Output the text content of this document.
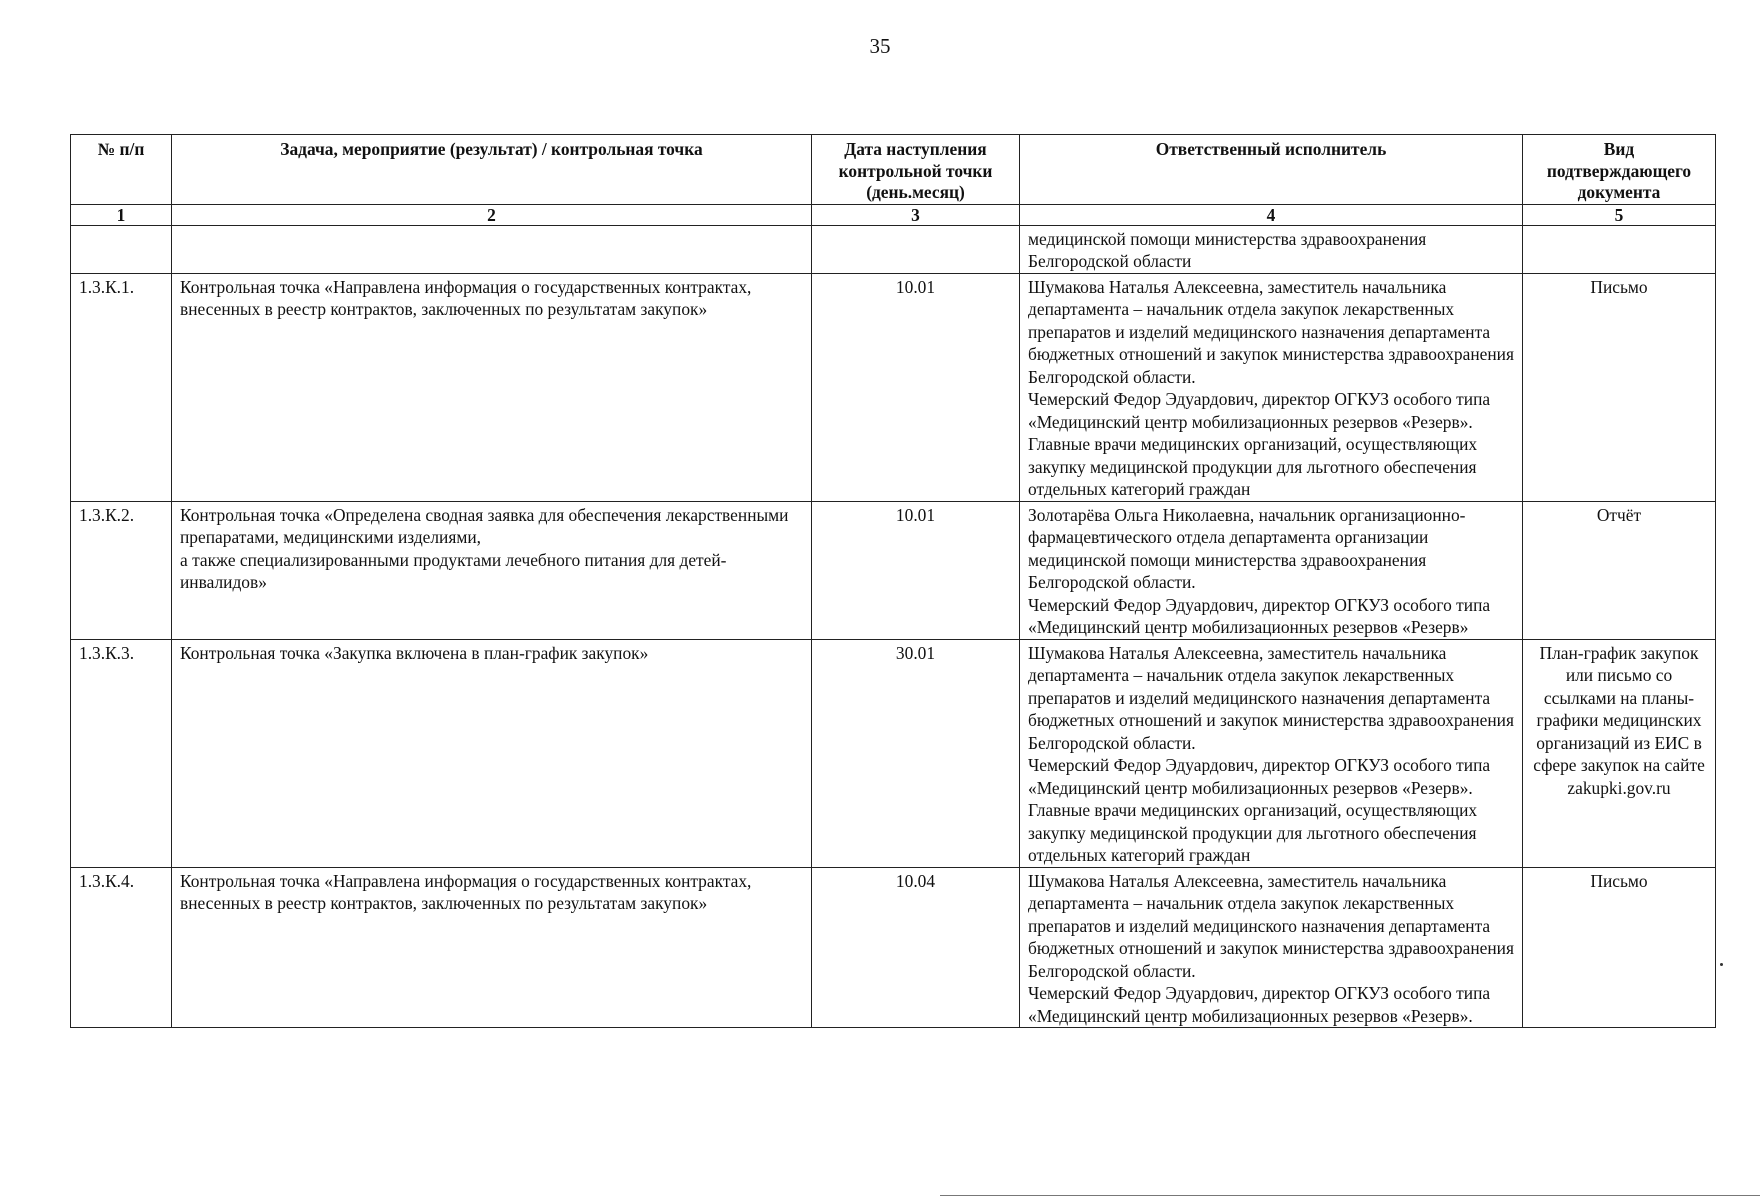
35
№ п/п	Задача, мероприятие (результат) / контрольная точка	Дата наступления контрольной точки (день.месяц)	Ответственный исполнитель	Вид подтверждающего документа
1	2	3	4	5
			медицинской помощи министерства здравоохранения Белгородской области	
1.3.К.1.	Контрольная точка «Направлена информация о государственных контрактах, внесенных в реестр контрактов, заключенных по результатам закупок»	10.01	Шумакова Наталья Алексеевна, заместитель начальника департамента – начальник отдела закупок лекарственных препаратов и изделий медицинского назначения департамента бюджетных отношений и закупок министерства здравоохранения Белгородской области.
Чемерский Федор Эдуардович, директор ОГКУЗ особого типа «Медицинский центр мобилизационных резервов «Резерв».
Главные врачи медицинских организаций, осуществляющих закупку медицинской продукции для льготного обеспечения отдельных категорий граждан	Письмо
1.3.К.2.	Контрольная точка «Определена сводная заявка для обеспечения лекарственными препаратами, медицинскими изделиями,
а также специализированными продуктами лечебного питания для детей-инвалидов»	10.01	Золотарёва Ольга Николаевна, начальник организационно-фармацевтического отдела департамента организации медицинской помощи министерства здравоохранения Белгородской области.
Чемерский Федор Эдуардович, директор ОГКУЗ особого типа «Медицинский центр мобилизационных резервов «Резерв»	Отчёт
1.3.К.3.	Контрольная точка «Закупка включена в план-график закупок»	30.01	Шумакова Наталья Алексеевна, заместитель начальника департамента – начальник отдела закупок лекарственных препаратов и изделий медицинского назначения департамента бюджетных отношений и закупок министерства здравоохранения Белгородской области.
Чемерский Федор Эдуардович, директор ОГКУЗ особого типа «Медицинский центр мобилизационных резервов «Резерв».
Главные врачи медицинских организаций, осуществляющих закупку медицинской продукции для льготного обеспечения отдельных категорий граждан	План-график закупок или письмо со ссылками на планы-графики медицинских организаций из ЕИС в сфере закупок на сайте zakupki.gov.ru
1.3.К.4.	Контрольная точка «Направлена информация о государственных контрактах, внесенных в реестр контрактов, заключенных по результатам закупок»	10.04	Шумакова Наталья Алексеевна, заместитель начальника департамента – начальник отдела закупок лекарственных препаратов и изделий медицинского назначения департамента бюджетных отношений и закупок министерства здравоохранения Белгородской области.
Чемерский Федор Эдуардович, директор ОГКУЗ особого типа «Медицинский центр мобилизационных резервов «Резерв».	Письмо
